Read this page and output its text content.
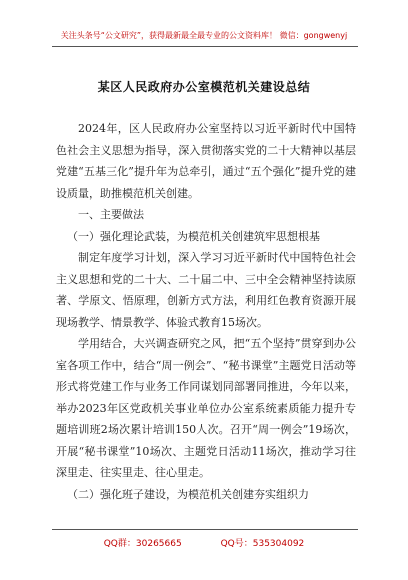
关注头条号“公文研究”，获得最新最全最专业的公文资料库！ 微信：gongwenyj
某区人民政府办公室模范机关建设总结

2024年，区人民政府办公室坚持以习近平新时代中国特色社会主义思想为指导，深入贯彻落实党的二十大精神以基层党建“五基三化”提升年为总牵引，通过“五个强化”提升党的建设质量，助推模范机关创建。

一、主要做法
（一）强化理论武装，为模范机关创建筑牢思想根基

制定年度学习计划，深入学习习近平新时代中国特色社会主义思想和党的二十大、二十届二中、三中全会精神坚持读原著、学原文、悟原理，创新方式方法，利用红色教育资源开展现场教学、情景教学、体验式教育15场次。

学用结合，大兴调查研究之风，把“五个坚持”贯穿到办公室各项工作中，结合“周一例会”、“秘书课堂”主题党日活动等形式将党建工作与业务工作同谋划同部署同推进，今年以来，举办2023年区党政机关事业单位办公室系统素质能力提升专题培训班2场次累计培训150人次。召开“周一例会”19场次，开展“秘书课堂”10场次、主题党日活动11场次，推动学习往深里走、往实里走、往心里走。

（二）强化班子建设，为模范机关创建夯实组织力
QQ群：30265665	QQ号：535304092
